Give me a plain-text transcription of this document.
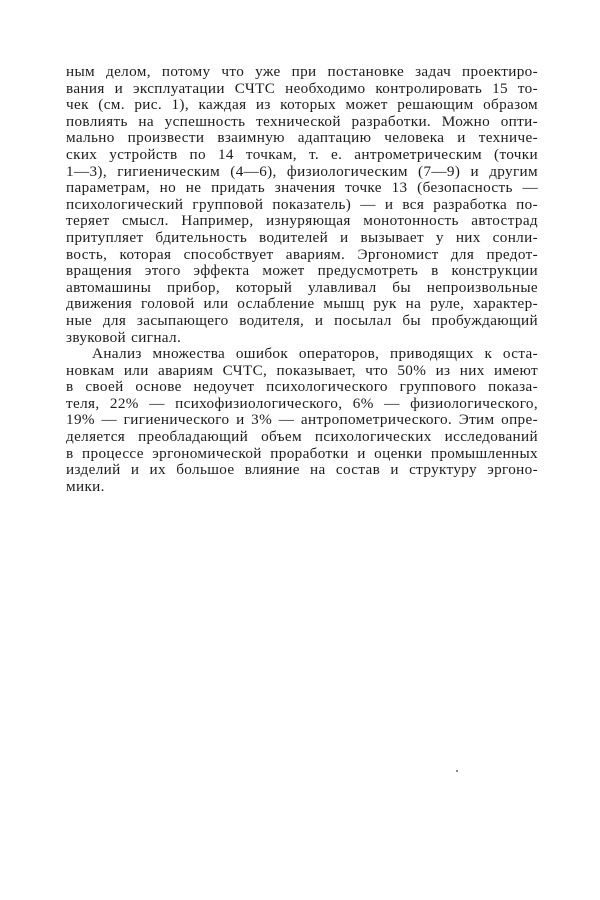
ным делом, потому что уже при постановке задач проектиро-
вания и эксплуатации СЧТС необходимо контролировать 15 то-
чек (см. рис. 1), каждая из которых может решающим образом
повлиять на успешность технической разработки. Можно опти-
мально произвести взаимную адаптацию человека и техниче-
ских устройств по 14 точкам, т. е. антрометрическим (точки
1—3), гигиеническим (4—6), физиологическим (7—9) и другим
параметрам, но не придать значения точке 13 (безопасность —
психологический групповой показатель) — и вся разработка по-
теряет смысл. Например, изнуряющая монотонность автострад
притупляет бдительность водителей и вызывает у них сонли-
вость, которая способствует авариям. Эргономист для предот-
вращения этого эффекта может предусмотреть в конструкции
автомашины прибор, который улавливал бы непроизвольные
движения головой или ослабление мышц рук на руле, характер-
ные для засыпающего водителя, и посылал бы пробуждающий
звуковой сигнал.
Анализ множества ошибок операторов, приводящих к оста-
новкам или авариям СЧТС, показывает, что 50% из них имеют
в своей основе недоучет психологического группового показа-
теля, 22% — психофизиологического, 6% — физиологического,
19% — гигиенического и 3% — антропометрического. Этим опре-
деляется преобладающий объем психологических исследований
в процессе эргономической проработки и оценки промышленных
изделий и их большое влияние на состав и структуру эргоно-
мики.
